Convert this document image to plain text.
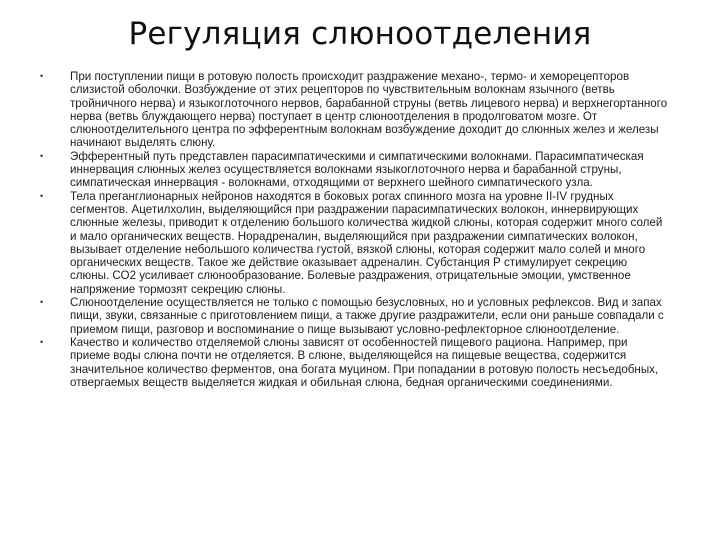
Регуляция слюноотделения
• При поступлении пищи в ротовую полость происходит раздражение механо-, термо- и хеморецепторов слизистой оболочки. Возбуждение от этих рецепторов по чувствительным волокнам язычного (ветвь тройничного нерва) и языкоглоточного нервов, барабанной струны (ветвь лицевого нерва) и верхнегортанного нерва (ветвь блуждающего нерва) поступает в центр слюноотделения в продолговатом мозге. От слюноотделительного центра по эфферентным волокнам возбуждение доходит до слюнных желез и железы начинают выделять слюну.
• Эфферентный путь представлен парасимпатическими и симпатическими волокнами. Парасимпатическая иннервация слюнных желез осуществляется волокнами языкоглоточного нерва и барабанной струны, симпатическая иннервация - волокнами, отходящими от верхнего шейного симпатического узла.
• Тела преганглионарных нейронов находятся в боковых рогах спинного мозга на уровне II-IV грудных сегментов. Ацетилхолин, выделяющийся при раздражении парасимпатических волокон, иннервирующих слюнные железы, приводит к отделению большого количества жидкой слюны, которая содержит много солей и мало органических веществ. Норадреналин, выделяющийся при раздражении симпатических волокон, вызывает отделение небольшого количества густой, вязкой слюны, которая содержит мало солей и много органических веществ. Такое же действие оказывает адреналин. Субстанция Р стимулирует секрецию слюны. СО2 усиливает слюнообразование. Болевые раздражения, отрицательные эмоции, умственное напряжение тормозят секрецию слюны.
• Слюноотделение осуществляется не только с помощью безусловных, но и условных рефлексов. Вид и запах пищи, звуки, связанные с приготовлением пищи, а также другие раздражители, если они раньше совпадали с приемом пищи, разговор и воспоминание о пище вызывают условно-рефлекторное слюноотделение.
• Качество и количество отделяемой слюны зависят от особенностей пищевого рациона. Например, при приеме воды слюна почти не отделяется. В слюне, выделяющейся на пищевые вещества, содержится значительное количество ферментов, она богата муцином. При попадании в ротовую полость несъедобных, отвергаемых веществ выделяется жидкая и обильная слюна, бедная органическими соединениями.
